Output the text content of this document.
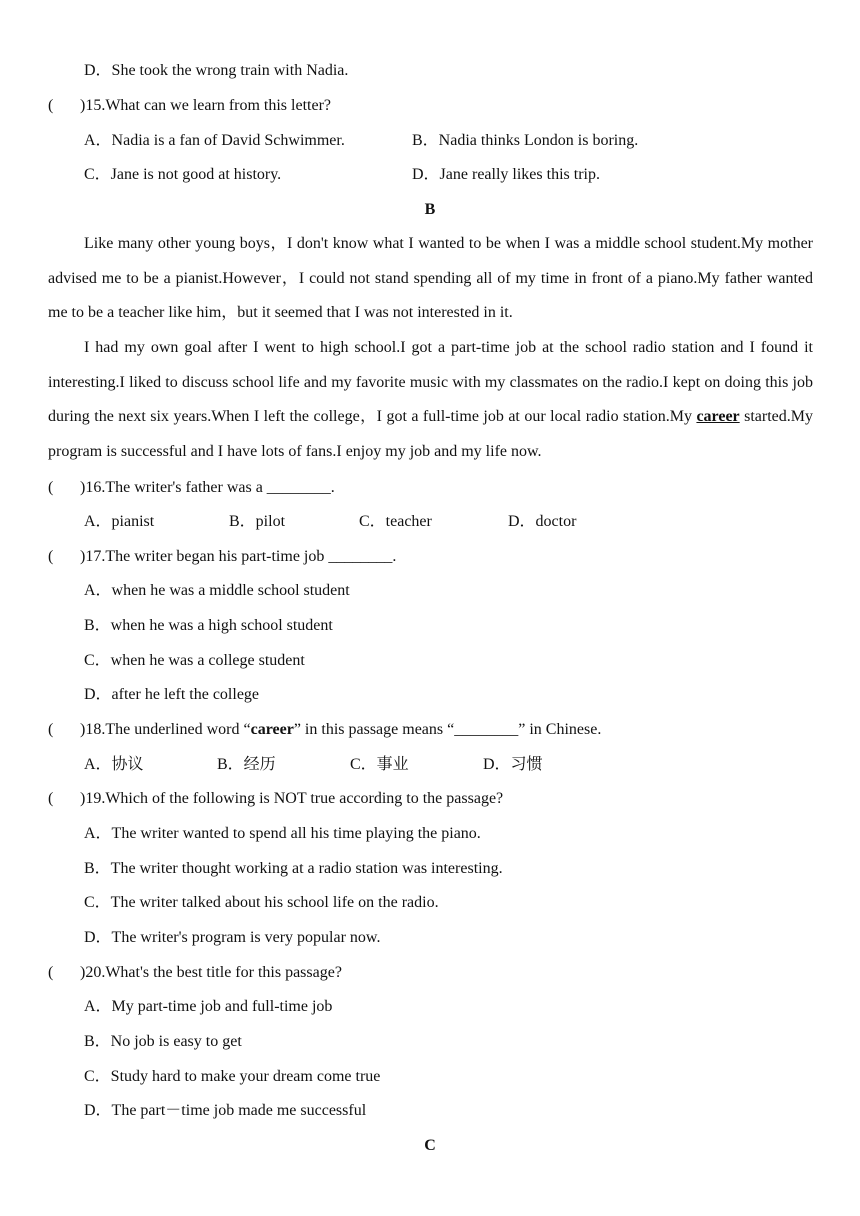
D．She took the wrong train with Nadia.
( )15.What can we learn from this letter?
A．Nadia is a fan of David Schwimmer.	B．Nadia thinks London is boring.
C．Jane is not good at history.	D．Jane really likes this trip.
B
Like many other young boys，I don't know what I wanted to be when I was a middle school student.My mother advised me to be a pianist.However，I could not stand spending all of my time in front of a piano.My father wanted me to be a teacher like him，but it seemed that I was not interested in it.
I had my own goal after I went to high school.I got a part-time job at the school radio station and I found it interesting.I liked to discuss school life and my favorite music with my classmates on the radio.I kept on doing this job during the next six years.When I left the college，I got a full-time job at our local radio station.My career started.My program is successful and I have lots of fans.I enjoy my job and my life now.
( )16.The writer's father was a ________.
A．pianist	B．pilot	C．teacher	D．doctor
( )17.The writer began his part-time job ________.
A．when he was a middle school student
B．when he was a high school student
C．when he was a college student
D．after he left the college
( )18.The underlined word “career” in this passage means “________” in Chinese.
A．协议	B．经历	C．事业	D．习惯
( )19.Which of the following is NOT true according to the passage?
A．The writer wanted to spend all his time playing the piano.
B．The writer thought working at a radio station was interesting.
C．The writer talked about his school life on the radio.
D．The writer's program is very popular now.
( )20.What's the best title for this passage?
A．My part-time job and full-time job
B．No job is easy to get
C．Study hard to make your dream come true
D．The part－time job made me successful
C
